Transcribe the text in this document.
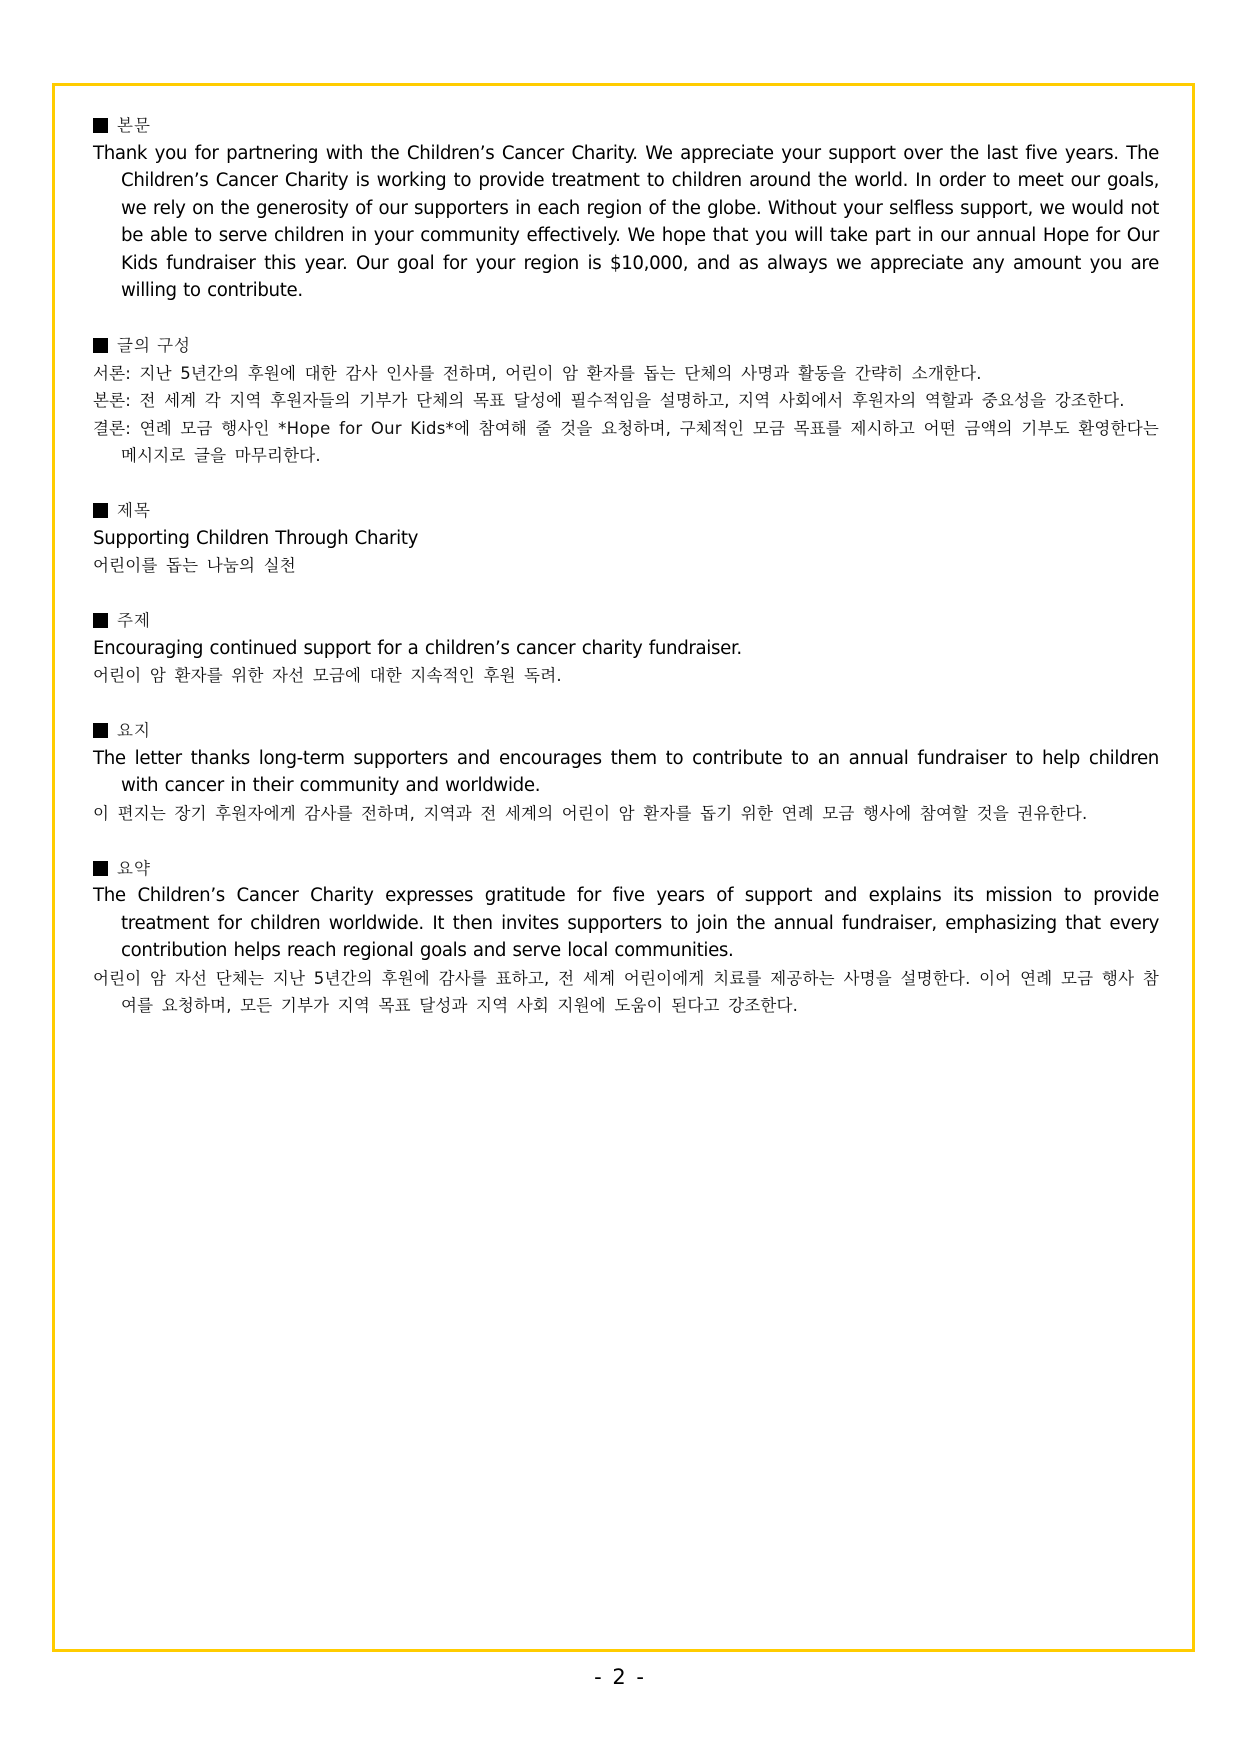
본문

Thank you for partnering with the Children’s Cancer Charity. We appreciate your support over the last five years. The Children’s Cancer Charity is working to provide treatment to children around the world. In order to meet our goals, we rely on the generosity of our supporters in each region of the globe. Without your selfless support, we would not be able to serve children in your community effectively. We hope that you will take part in our annual Hope for Our Kids fundraiser this year. Our goal for your region is $10,000, and as always we appreciate any amount you are willing to contribute.

글의 구성

서론: 지난 5년간의 후원에 대한 감사 인사를 전하며, 어린이 암 환자를 돕는 단체의 사명과 활동을 간략히 소개한다.

본론: 전 세계 각 지역 후원자들의 기부가 단체의 목표 달성에 필수적임을 설명하고, 지역 사회에서 후원자의 역할과 중요성을 강조한다.

결론: 연례 모금 행사인 *Hope for Our Kids*에 참여해 줄 것을 요청하며, 구체적인 모금 목표를 제시하고 어떤 금액의 기부도 환영한다는 메시지로 글을 마무리한다.

제목

Supporting Children Through Charity

어린이를 돕는 나눔의 실천

주제

Encouraging continued support for a children’s cancer charity fundraiser.

어린이 암 환자를 위한 자선 모금에 대한 지속적인 후원 독려.

요지

The letter thanks long-term supporters and encourages them to contribute to an annual fundraiser to help children with cancer in their community and worldwide.

이 편지는 장기 후원자에게 감사를 전하며, 지역과 전 세계의 어린이 암 환자를 돕기 위한 연례 모금 행사에 참여할 것을 권유한다.

요약

The Children’s Cancer Charity expresses gratitude for five years of support and explains its mission to provide treatment for children worldwide. It then invites supporters to join the annual fundraiser, emphasizing that every contribution helps reach regional goals and serve local communities.

어린이 암 자선 단체는 지난 5년간의 후원에 감사를 표하고, 전 세계 어린이에게 치료를 제공하는 사명을 설명한다. 이어 연례 모금 행사 참여를 요청하며, 모든 기부가 지역 목표 달성과 지역 사회 지원에 도움이 된다고 강조한다.

- 2 -
